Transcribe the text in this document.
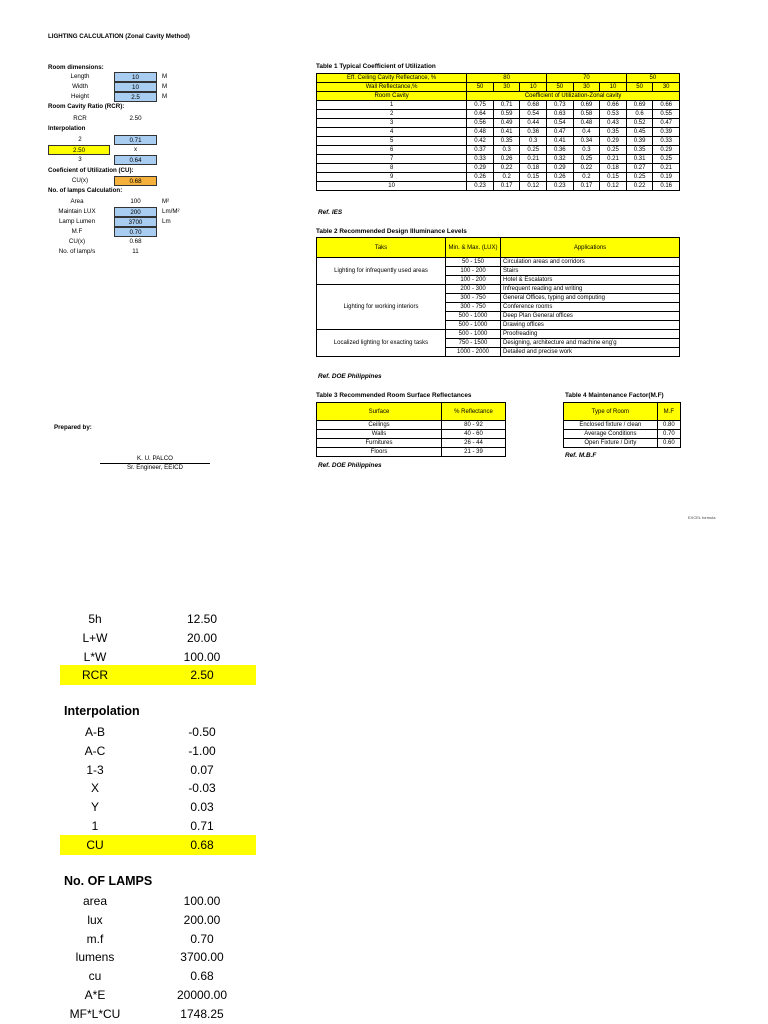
LIGHTING CALCULATION (Zonal Cavity Method)
Room dimensions:
Length	10	M
Width	10	M
Height	2.5	M
Room Cavity Ratio (RCR):
RCR	2.50
Interpolation
2	0.71
2.50	x
3	0.64
Coeficient of Utilization (CU):
CU(x)	0.68
No. of lamps Calculation:
Area	100	M²
Maintain LUX	200	Lm/M²
Lamp Lumen	3700	Lm
M.F	0.70
CU(x)	0.68
No. of lamp/s	11
Prepared by:
K. U. PALCO
Sr. Engineer, EEICD
Table 1 Typical Coefficient of Utilization
Eff. Ceiling Cavity Reflectance, %	80			70			50	
Wall Reflectance,%	50	30	10	50	30	10	50	30
Room Cavity	Coefficient of Utilization-Zonal cavity							
1	0.75	0.71	0.68	0.73	0.69	0.66	0.69	0.66
2	0.64	0.59	0.54	0.63	0.58	0.53	0.6	0.55
3	0.56	0.49	0.44	0.54	0.48	0.43	0.52	0.47
4	0.48	0.41	0.36	0.47	0.4	0.35	0.45	0.39
5	0.42	0.35	0.3	0.41	0.34	0.29	0.39	0.33
6	0.37	0.3	0.25	0.36	0.3	0.25	0.35	0.29
7	0.33	0.26	0.21	0.32	0.25	0.21	0.31	0.25
8	0.29	0.22	0.18	0.29	0.22	0.18	0.27	0.21
9	0.26	0.2	0.15	0.26	0.2	0.15	0.25	0.19
10	0.23	0.17	0.12	0.23	0.17	0.12	0.22	0.16
Ref. IES
Table 2 Recommended Design Illuminance Levels
Taks	Min. & Max. (LUX)	Applications
Lighting for infrequently used areas	50 - 150	Circulation areas and corridors
	100 - 200	Stairs
	100 - 200	Hotel & Escalators
Lighting for working interiors	200 - 300	Infrequent reading and writing
	300 - 750	General Offices, typing and computing
	300 - 750	Conference rooms
	500 - 1000	Deep Plan General offices
	500 - 1000	Drawing offices
Localized lighting for exacting tasks	500 - 1000	Proofreading
	750 - 1500	Designing, architecture and machine eng'g
	1000 - 2000	Detailed and precise work
Ref. DOE Philippines
Table 3 Recommended Room Surface Reflectances
Surface	% Reflectance
Ceilings	80 - 92
Walls	40 - 60
Furnitures	26 - 44
Floors	21 - 39
Ref. DOE Philippines
Table 4 Maintenance Factor(M.F)
Type of Room	M.F
Enclosed fixture / clean	0.80
Average Conditions	0.70
Open Fixture / Dirty	0.60
Ref. M.B.F
EXCEL formula
5h	12.50
L+W	20.00
L*W	100.00
RCR	2.50
Interpolation
A-B	-0.50
A-C	-1.00
1-3	0.07
X	-0.03
Y	0.03
1	0.71
CU	0.68
No. OF LAMPS
area	100.00
lux	200.00
m.f	0.70
lumens	3700.00
cu	0.68
A*E	20000.00
MF*L*CU	1748.25
